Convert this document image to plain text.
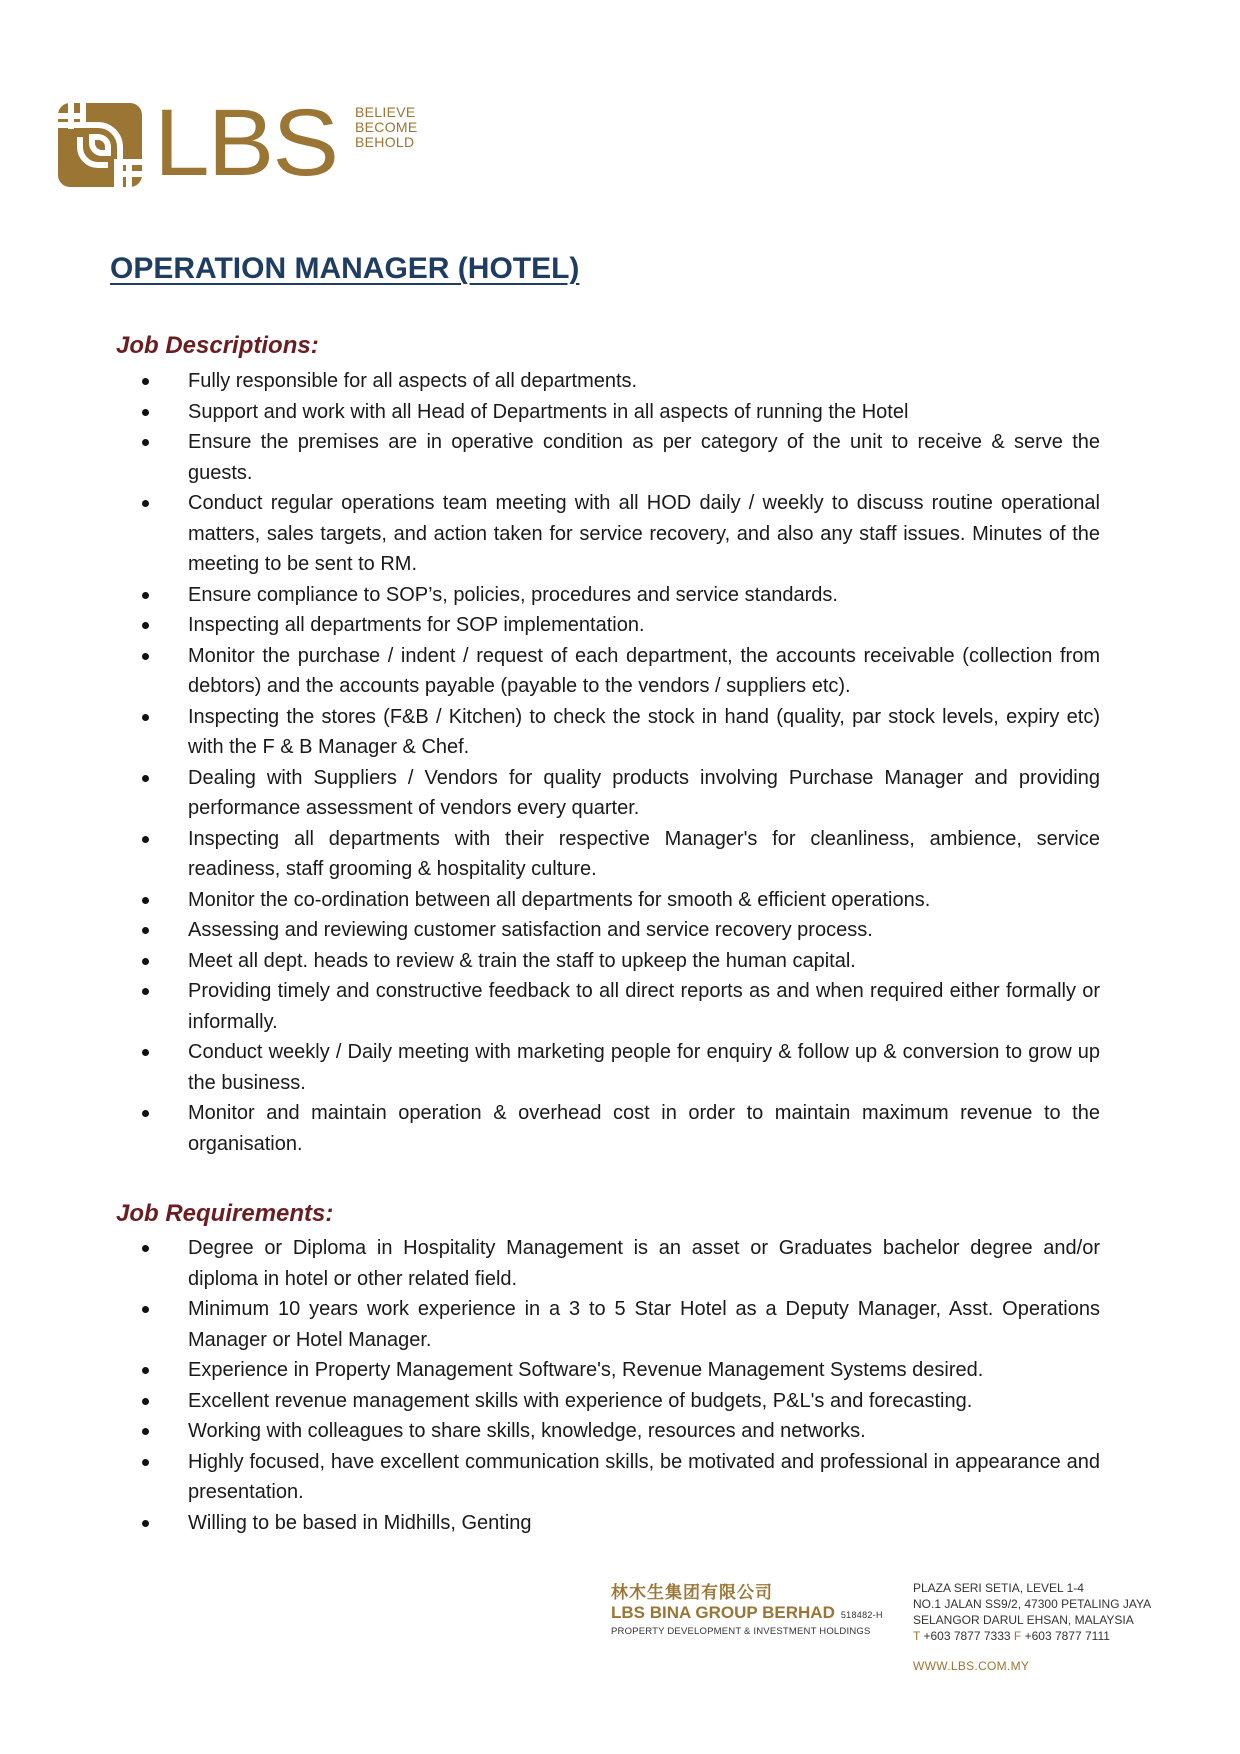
LBS BELIEVE
BECOME
BEHOLD
OPERATION MANAGER (HOTEL)
Job Descriptions:
Fully responsible for all aspects of all departments.
Support and work with all Head of Departments in all aspects of running the Hotel
Ensure the premises are in operative condition as per category of the unit to receive & serve the guests.
Conduct regular operations team meeting with all HOD daily / weekly to discuss routine operational matters, sales targets, and action taken for service recovery, and also any staff issues. Minutes of the meeting to be sent to RM.
Ensure compliance to SOP’s, policies, procedures and service standards.
Inspecting all departments for SOP implementation.
Monitor the purchase / indent / request of each department, the accounts receivable (collection from debtors) and the accounts payable (payable to the vendors / suppliers etc).
Inspecting the stores (F&B / Kitchen) to check the stock in hand (quality, par stock levels, expiry etc) with the F & B Manager & Chef.
Dealing with Suppliers / Vendors for quality products involving Purchase Manager and providing performance assessment of vendors every quarter.
Inspecting all departments with their respective Manager's for cleanliness, ambience, service readiness, staff grooming & hospitality culture.
Monitor the co-ordination between all departments for smooth & efficient operations.
Assessing and reviewing customer satisfaction and service recovery process.
Meet all dept. heads to review & train the staff to upkeep the human capital.
Providing timely and constructive feedback to all direct reports as and when required either formally or informally.
Conduct weekly / Daily meeting with marketing people for enquiry & follow up & conversion to grow up the business.
Monitor and maintain operation & overhead cost in order to maintain maximum revenue to the organisation.
Job Requirements:
Degree or Diploma in Hospitality Management is an asset or Graduates bachelor degree and/or diploma in hotel or other related field.
Minimum 10 years work experience in a 3 to 5 Star Hotel as a Deputy Manager, Asst. Operations Manager or Hotel Manager.
Experience in Property Management Software's, Revenue Management Systems desired.
Excellent revenue management skills with experience of budgets, P&L's and forecasting.
Working with colleagues to share skills, knowledge, resources and networks.
Highly focused, have excellent communication skills, be motivated and professional in appearance and presentation.
Willing to be based in Midhills, Genting
林木生集团有限公司
LBS BINA GROUP BERHAD 518482-H
PROPERTY DEVELOPMENT & INVESTMENT HOLDINGS
PLAZA SERI SETIA, LEVEL 1-4
NO.1 JALAN SS9/2, 47300 PETALING JAYA
SELANGOR DARUL EHSAN, MALAYSIA
T +603 7877 7333 F +603 7877 7111
WWW.LBS.COM.MY
